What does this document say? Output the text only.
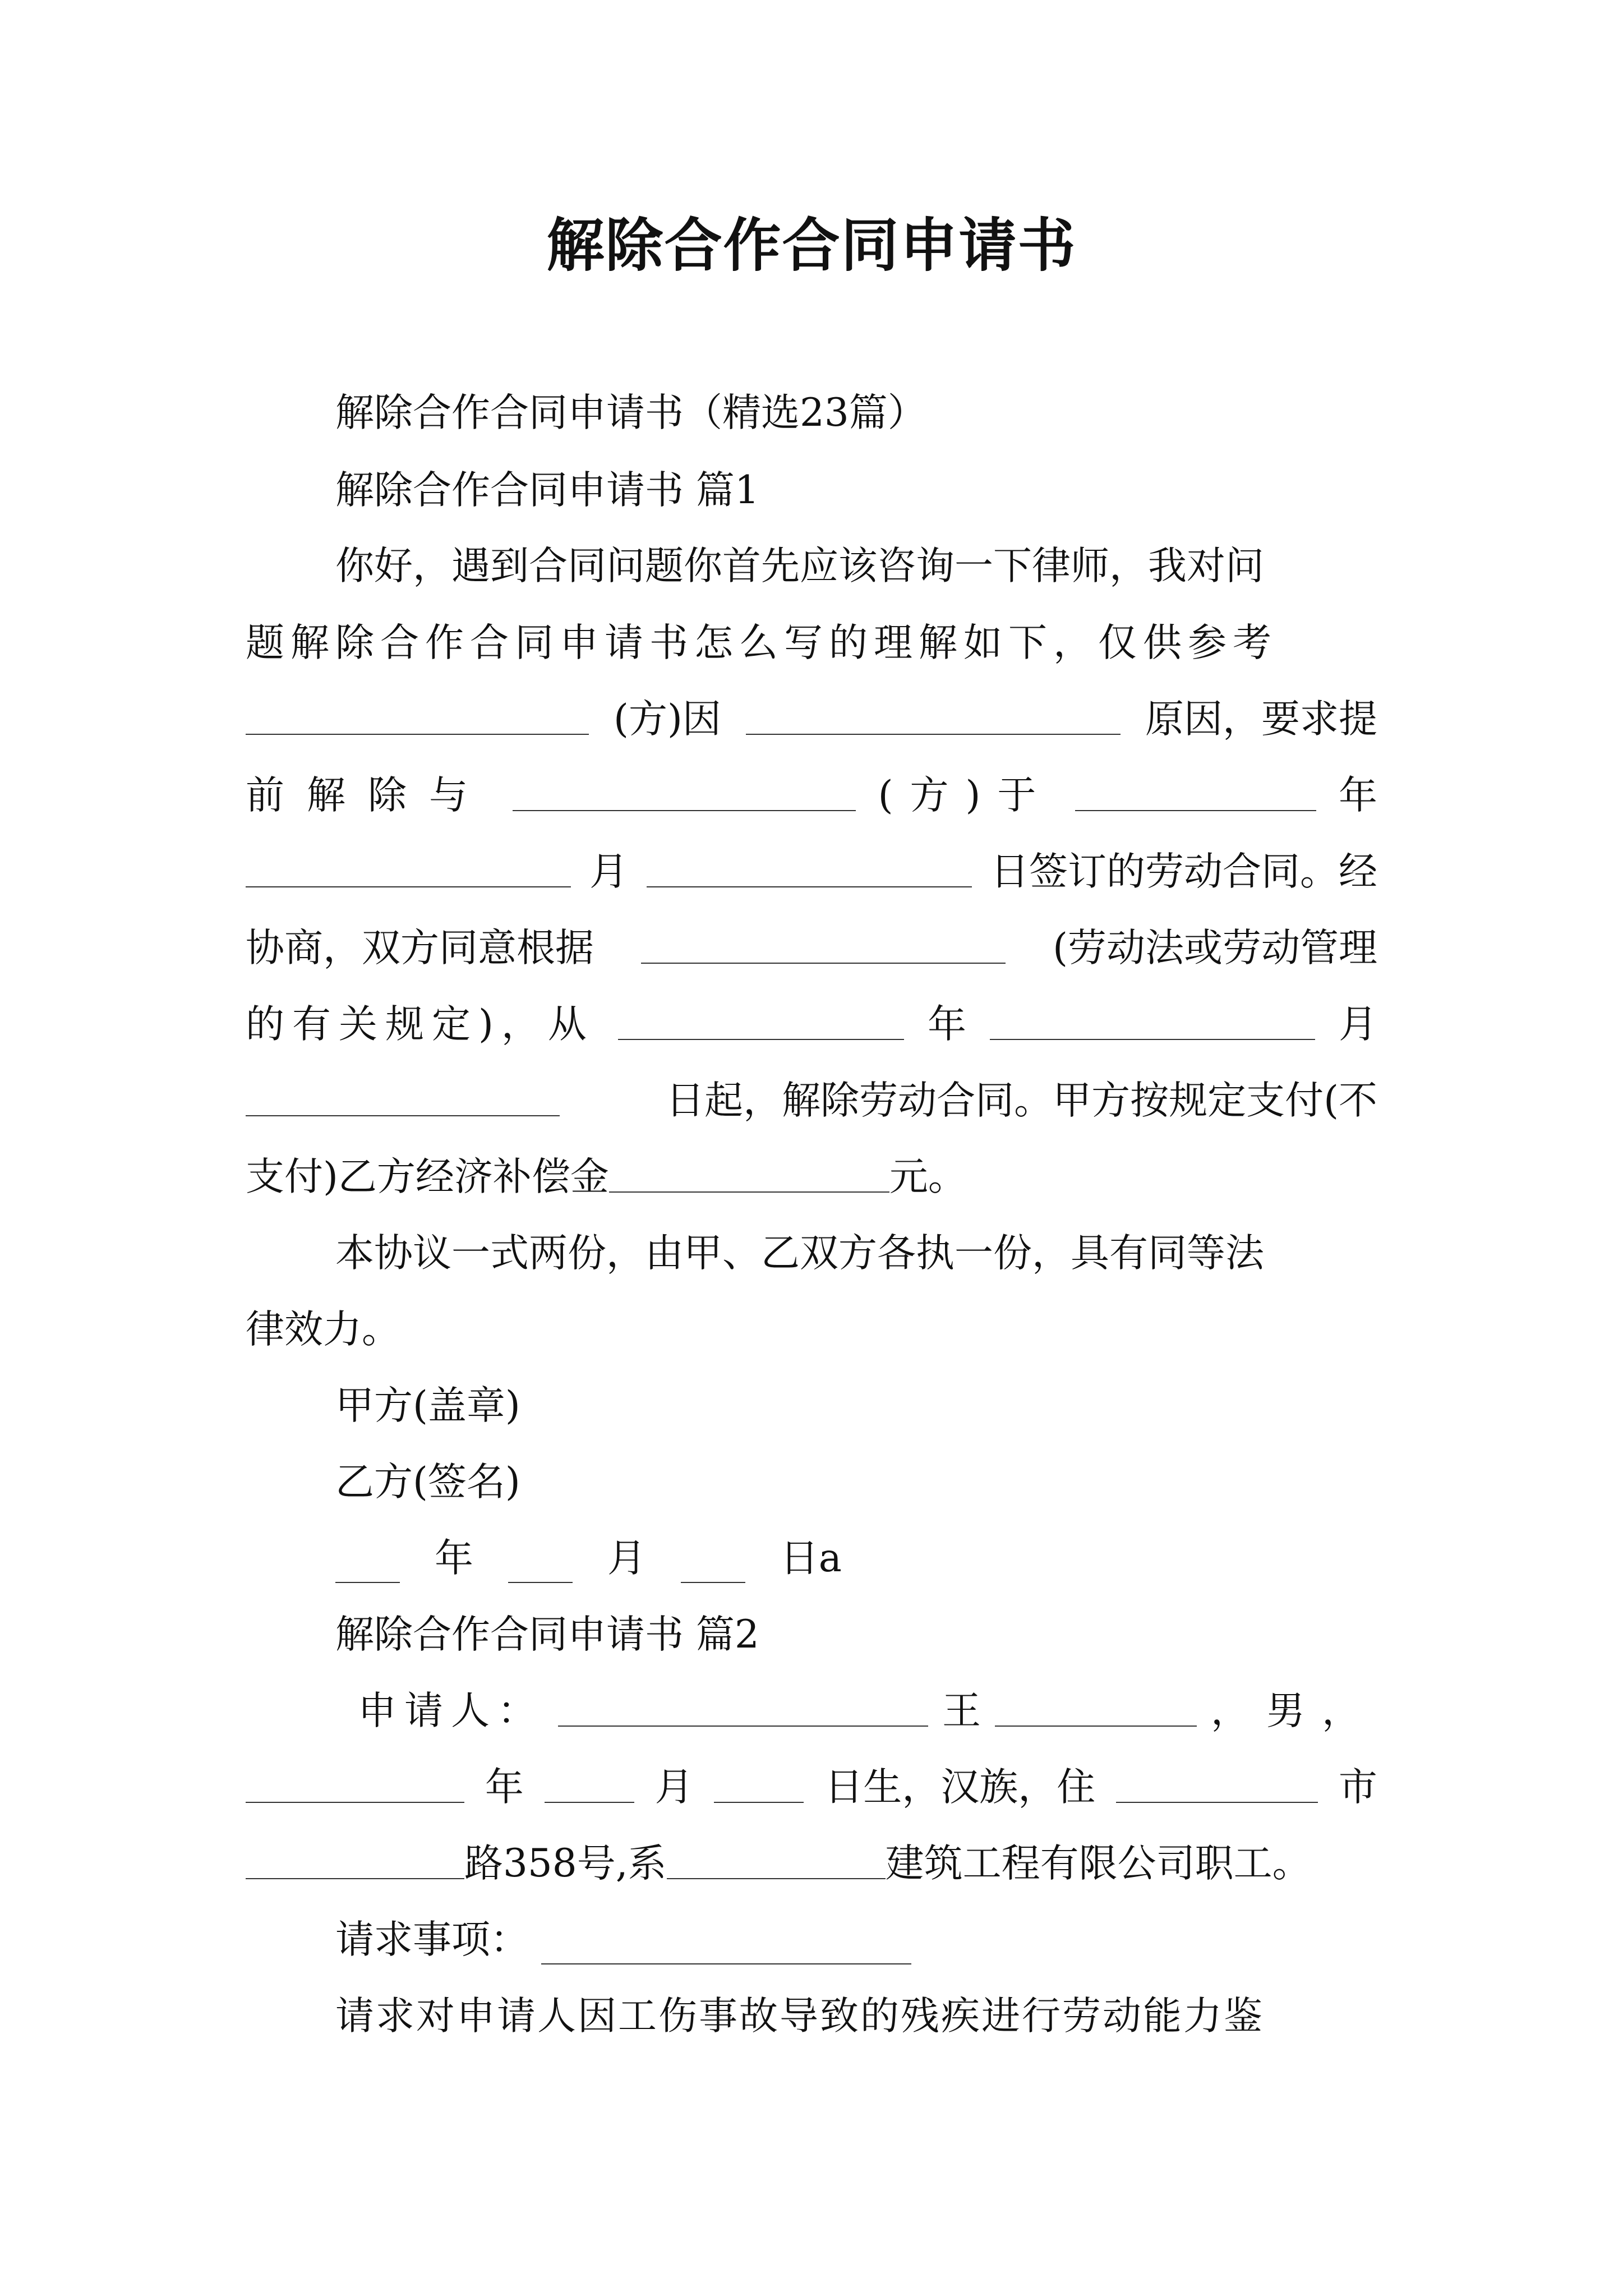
解除合作合同申请书
解除合作合同申请书（精选23篇）
解除合作合同申请书 篇1
你好，遇到合同问题你首先应该咨询一下律师，我对问
题解除合作合同申请书怎么写的理解如下，仅供参考
(方)因	原因，要求提
前解除与	(方)于	年
月	日签订的劳动合同。经
协商，双方同意根据	(劳动法或劳动管理
的有关规定)，从	年	月
日起，解除劳动合同。甲方按规定支付(不
支付)乙方经济补偿金	元。
本协议一式两份，由甲、乙双方各执一份，具有同等法
律效力。
甲方(盖章)
乙方(签名)
年	月	日a
解除合作合同申请书 篇2
申请人：	王	，男，
年	月	日生，汉族，住	市
路358号,系	建筑工程有限公司职工。
请求事项：
请求对申请人因工伤事故导致的残疾进行劳动能力鉴
